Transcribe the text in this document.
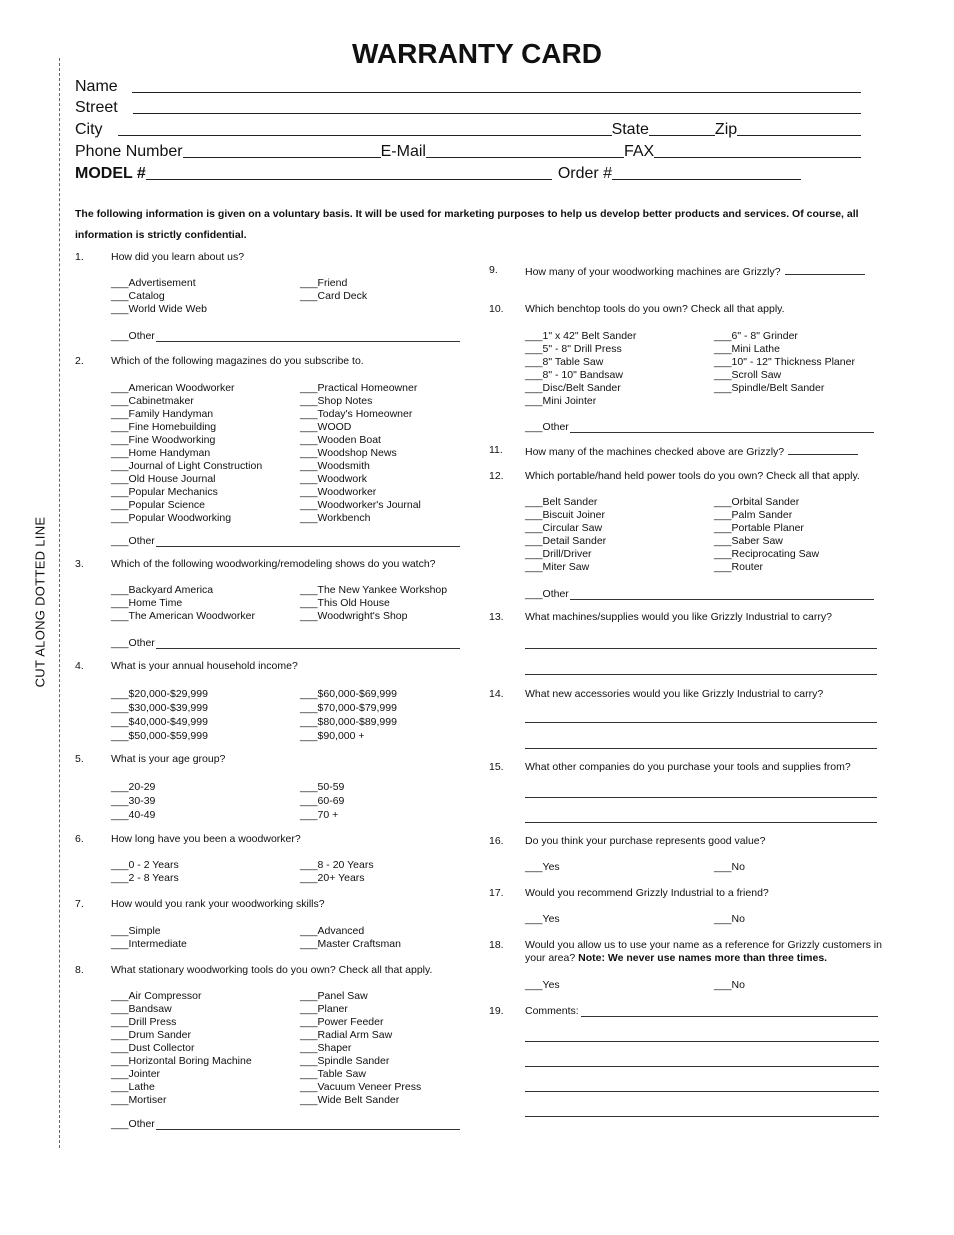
CUT ALONG DOTTED LINE
WARRANTY CARD
Name
Street
City	State	Zip
Phone Number	E-Mail	FAX
MODEL #	Order #
The following information is given on a voluntary basis. It will be used for marketing purposes to help us develop better products and services. Of course, all information is strictly confidential.
1.	How did you learn about us?
___ Advertisement
___ Catalog
___ World Wide Web
___ Friend
___ Card Deck
___ Other
2.	Which of the following magazines do you subscribe to.
___ American Woodworker
___ Cabinetmaker
___ Family Handyman
___ Fine Homebuilding
___ Fine Woodworking
___ Home Handyman
___ Journal of Light Construction
___ Old House Journal
___ Popular Mechanics
___ Popular Science
___ Popular Woodworking
___ Practical Homeowner
___ Shop Notes
___ Today's Homeowner
___ WOOD
___ Wooden Boat
___ Woodshop News
___ Woodsmith
___ Woodwork
___ Woodworker
___ Woodworker's Journal
___ Workbench
___ Other
3.	Which of the following woodworking/remodeling shows do you watch?
___ Backyard America
___ Home Time
___ The American Woodworker
___ The New Yankee Workshop
___ This Old House
___ Woodwright's Shop
___ Other
4.	What is your annual household income?
___ $20,000-$29,999
___ $30,000-$39,999
___ $40,000-$49,999
___ $50,000-$59,999
___ $60,000-$69,999
___ $70,000-$79,999
___ $80,000-$89,999
___ $90,000 +
5.	What is your age group?
___ 20-29
___ 30-39
___ 40-49
___ 50-59
___ 60-69
___ 70 +
6.	How long have you been a woodworker?
___ 0 - 2 Years
___ 2 - 8 Years
___ 8 - 20 Years
___ 20+ Years
7.	How would you rank your woodworking skills?
___ Simple
___ Intermediate
___ Advanced
___ Master Craftsman
8.	What stationary woodworking tools do you own? Check all that apply.
___ Air Compressor
___ Bandsaw
___ Drill Press
___ Drum Sander
___ Dust Collector
___ Horizontal Boring Machine
___ Jointer
___ Lathe
___ Mortiser
___ Panel Saw
___ Planer
___ Power Feeder
___ Radial Arm Saw
___ Shaper
___ Spindle Sander
___ Table Saw
___ Vacuum Veneer Press
___ Wide Belt Sander
___ Other
9.	How many of your woodworking machines are Grizzly?
10. Which benchtop tools do you own? Check all that apply.
___ 1" x 42" Belt Sander
___ 5" - 8" Drill Press
___ 8" Table Saw
___ 8" - 10" Bandsaw
___ Disc/Belt Sander
___ Mini Jointer
___ 6" - 8" Grinder
___ Mini Lathe
___ 10" - 12" Thickness Planer
___ Scroll Saw
___ Spindle/Belt Sander
___ Other
11. How many of the machines checked above are Grizzly?
12. Which portable/hand held power tools do you own? Check all that apply.
___ Belt Sander
___ Biscuit Joiner
___ Circular Saw
___ Detail Sander
___ Drill/Driver
___ Miter Saw
___ Orbital Sander
___ Palm Sander
___ Portable Planer
___ Saber Saw
___ Reciprocating Saw
___ Router
___ Other
13. What machines/supplies would you like Grizzly Industrial to carry?
14. What new accessories would you like Grizzly Industrial to carry?
15. What other companies do you purchase your tools and supplies from?
16. Do you think your purchase represents good value?
___ Yes	___ No
17. Would you recommend Grizzly Industrial to a friend?
___ Yes	___ No
18. Would you allow us to use your name as a reference for Grizzly customers in your area? Note: We never use names more than three times.
___ Yes	___ No
19. Comments:
